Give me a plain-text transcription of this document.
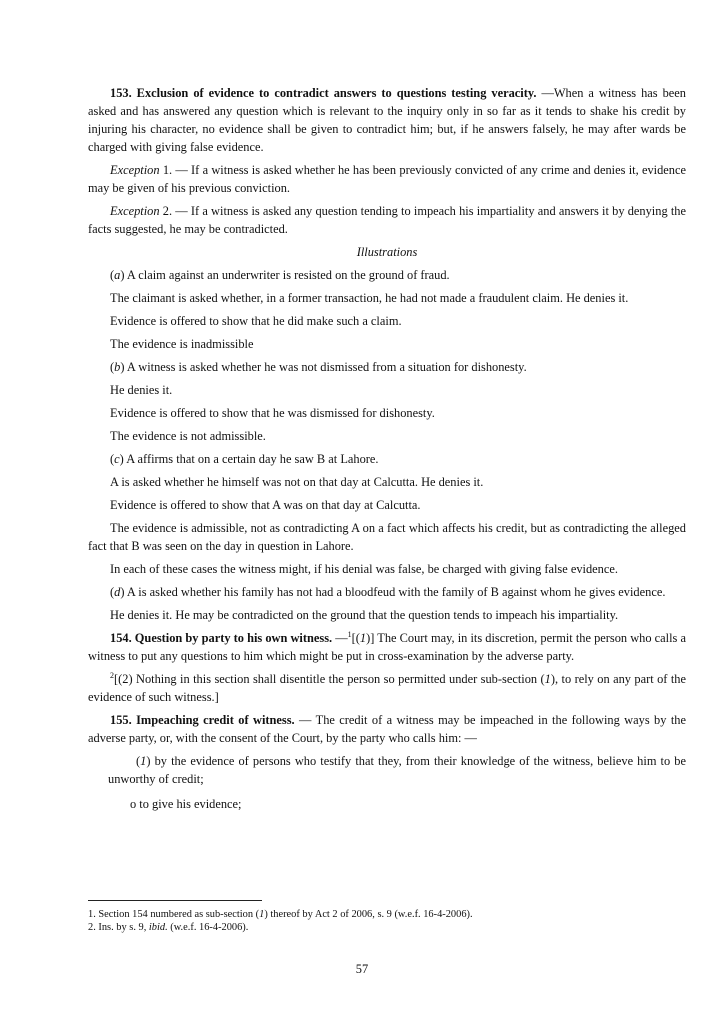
153. Exclusion of evidence to contradict answers to questions testing veracity. —When a witness has been asked and has answered any question which is relevant to the inquiry only in so far as it tends to shake his credit by injuring his character, no evidence shall be given to contradict him; but, if he answers falsely, he may after wards be charged with giving false evidence.

Exception 1. — If a witness is asked whether he has been previously convicted of any crime and denies it, evidence may be given of his previous conviction.

Exception 2. — If a witness is asked any question tending to impeach his impartiality and answers it by denying the facts suggested, he may be contradicted.

Illustrations

(a) A claim against an underwriter is resisted on the ground of fraud.

The claimant is asked whether, in a former transaction, he had not made a fraudulent claim. He denies it.

Evidence is offered to show that he did make such a claim.

The evidence is inadmissible

(b) A witness is asked whether he was not dismissed from a situation for dishonesty.

He denies it.

Evidence is offered to show that he was dismissed for dishonesty.

The evidence is not admissible.

(c) A affirms that on a certain day he saw B at Lahore.

A is asked whether he himself was not on that day at Calcutta. He denies it.

Evidence is offered to show that A was on that day at Calcutta.

The evidence is admissible, not as contradicting A on a fact which affects his credit, but as contradicting the alleged fact that B was seen on the day in question in Lahore.

In each of these cases the witness might, if his denial was false, be charged with giving false evidence.

(d) A is asked whether his family has not had a bloodfeud with the family of B against whom he gives evidence.

He denies it. He may be contradicted on the ground that the question tends to impeach his impartiality.

154. Question by party to his own witness. —$^1$[(1)] The Court may, in its discretion, permit the person who calls a witness to put any questions to him which might be put in cross-examination by the adverse party.

$^2$[(2) Nothing in this section shall disentitle the person so permitted under sub-section (1), to rely on any part of the evidence of such witness.]

155. Impeaching credit of witness. — The credit of a witness may be impeached in the following ways by the adverse party, or, with the consent of the Court, by the party who calls him: —

(1) by the evidence of persons who testify that they, from their knowledge of the witness, believe him to be unworthy of credit;

o to give his evidence;

1. Section 154 numbered as sub-section (1) thereof by Act 2 of 2006, s. 9 (w.e.f. 16-4-2006).

2. Ins. by s. 9, ibid. (w.e.f. 16-4-2006).

57
